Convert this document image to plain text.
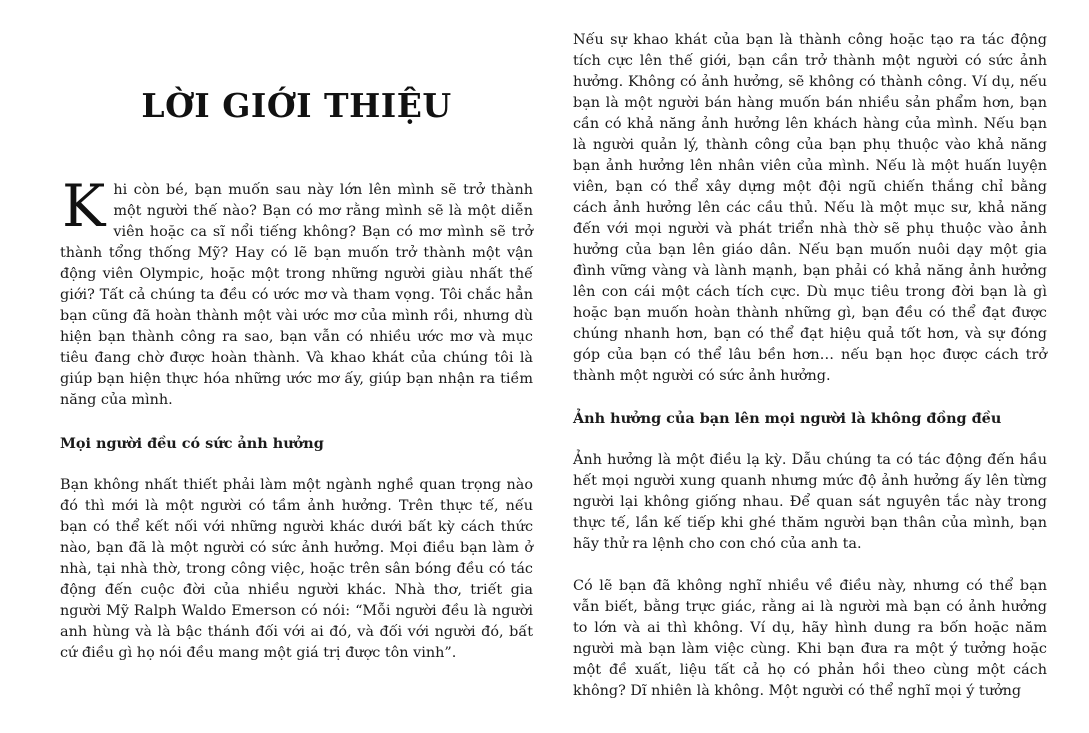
LỜI GIỚI THIỆU

Khi còn bé, bạn muốn sau này lớn lên mình sẽ trở thành một người thế nào? Bạn có mơ rằng mình sẽ là một diễn viên hoặc ca sĩ nổi tiếng không? Bạn có mơ mình sẽ trở thành tổng thống Mỹ? Hay có lẽ bạn muốn trở thành một vận động viên Olympic, hoặc một trong những người giàu nhất thế giới? Tất cả chúng ta đều có ước mơ và tham vọng. Tôi chắc hẳn bạn cũng đã hoàn thành một vài ước mơ của mình rồi, nhưng dù hiện bạn thành công ra sao, bạn vẫn có nhiều ước mơ và mục tiêu đang chờ được hoàn thành. Và khao khát của chúng tôi là giúp bạn hiện thực hóa những ước mơ ấy, giúp bạn nhận ra tiềm năng của mình.

Mọi người đều có sức ảnh hưởng

Bạn không nhất thiết phải làm một ngành nghề quan trọng nào đó thì mới là một người có tầm ảnh hưởng. Trên thực tế, nếu bạn có thể kết nối với những người khác dưới bất kỳ cách thức nào, bạn đã là một người có sức ảnh hưởng. Mọi điều bạn làm ở nhà, tại nhà thờ, trong công việc, hoặc trên sân bóng đều có tác động đến cuộc đời của nhiều người khác. Nhà thơ, triết gia người Mỹ Ralph Waldo Emerson có nói: “Mỗi người đều là người anh hùng và là bậc thánh đối với ai đó, và đối với người đó, bất cứ điều gì họ nói đều mang một giá trị được tôn vinh”.

Nếu sự khao khát của bạn là thành công hoặc tạo ra tác động tích cực lên thế giới, bạn cần trở thành một người có sức ảnh hưởng. Không có ảnh hưởng, sẽ không có thành công. Ví dụ, nếu bạn là một người bán hàng muốn bán nhiều sản phẩm hơn, bạn cần có khả năng ảnh hưởng lên khách hàng của mình. Nếu bạn là người quản lý, thành công của bạn phụ thuộc vào khả năng bạn ảnh hưởng lên nhân viên của mình. Nếu là một huấn luyện viên, bạn có thể xây dựng một đội ngũ chiến thắng chỉ bằng cách ảnh hưởng lên các cầu thủ. Nếu là một mục sư, khả năng đến với mọi người và phát triển nhà thờ sẽ phụ thuộc vào ảnh hưởng của bạn lên giáo dân. Nếu bạn muốn nuôi dạy một gia đình vững vàng và lành mạnh, bạn phải có khả năng ảnh hưởng lên con cái một cách tích cực. Dù mục tiêu trong đời bạn là gì hoặc bạn muốn hoàn thành những gì, bạn đều có thể đạt được chúng nhanh hơn, bạn có thể đạt hiệu quả tốt hơn, và sự đóng góp của bạn có thể lâu bền hơn… nếu bạn học được cách trở thành một người có sức ảnh hưởng.

Ảnh hưởng của bạn lên mọi người là không đồng đều

Ảnh hưởng là một điều lạ kỳ. Dẫu chúng ta có tác động đến hầu hết mọi người xung quanh nhưng mức độ ảnh hưởng ấy lên từng người lại không giống nhau. Để quan sát nguyên tắc này trong thực tế, lần kế tiếp khi ghé thăm người bạn thân của mình, bạn hãy thử ra lệnh cho con chó của anh ta.

Có lẽ bạn đã không nghĩ nhiều về điều này, nhưng có thể bạn vẫn biết, bằng trực giác, rằng ai là người mà bạn có ảnh hưởng to lớn và ai thì không. Ví dụ, hãy hình dung ra bốn hoặc năm người mà bạn làm việc cùng. Khi bạn đưa ra một ý tưởng hoặc một đề xuất, liệu tất cả họ có phản hồi theo cùng một cách không? Dĩ nhiên là không. Một người có thể nghĩ mọi ý tưởng
